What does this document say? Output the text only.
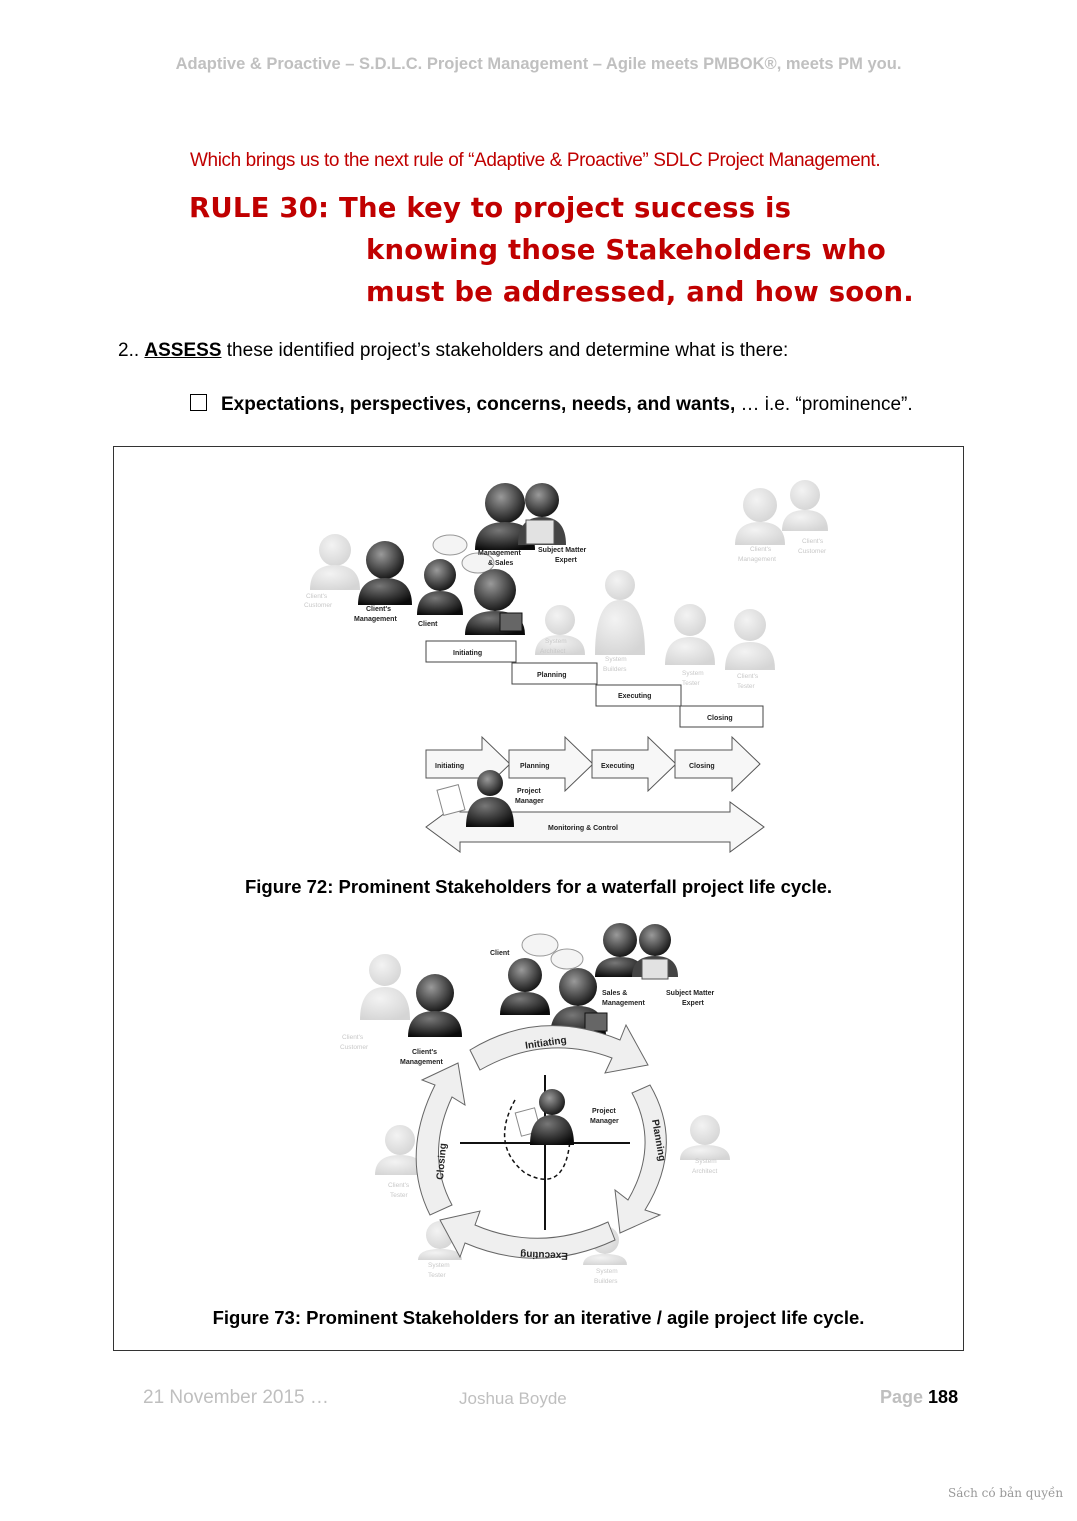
Adaptive & Proactive – S.D.L.C. Project Management – Agile meets PMBOK®, meets PM you.
Which brings us to the next rule of “Adaptive & Proactive” SDLC Project Management.
RULE 30: The key to project success is
knowing those Stakeholders who
must be addressed, and how soon.
2.. ASSESS these identified project’s stakeholders and determine what is there:
Expectations, perspectives, concerns, needs, and wants, … i.e. “prominence”.
Client's
Customer
Client's
Management
Client's
Customer
System
Architect
System
Builders
System
Tester
Client's
Tester
Management
& Sales
Subject Matter
Expert
Client's
Management
Client
Initiating
Planning
Executing
Closing
Initiating	Planning	Executing	Closing
Monitoring & Control
Project
Manager
Figure 72: Prominent Stakeholders for a waterfall project life cycle.
Client's
Customer
Client's
Tester
System
Architect
System
Tester
System
Builders
Client
Sales &
Management
Subject Matter
Expert
Client's
Management
Initiating
Planning
Executing
Closing
Project
Manager
Figure 73: Prominent Stakeholders for an iterative / agile project life cycle.
21 November 2015 …	Joshua Boyde	Page 188
Sách có bản quyền
